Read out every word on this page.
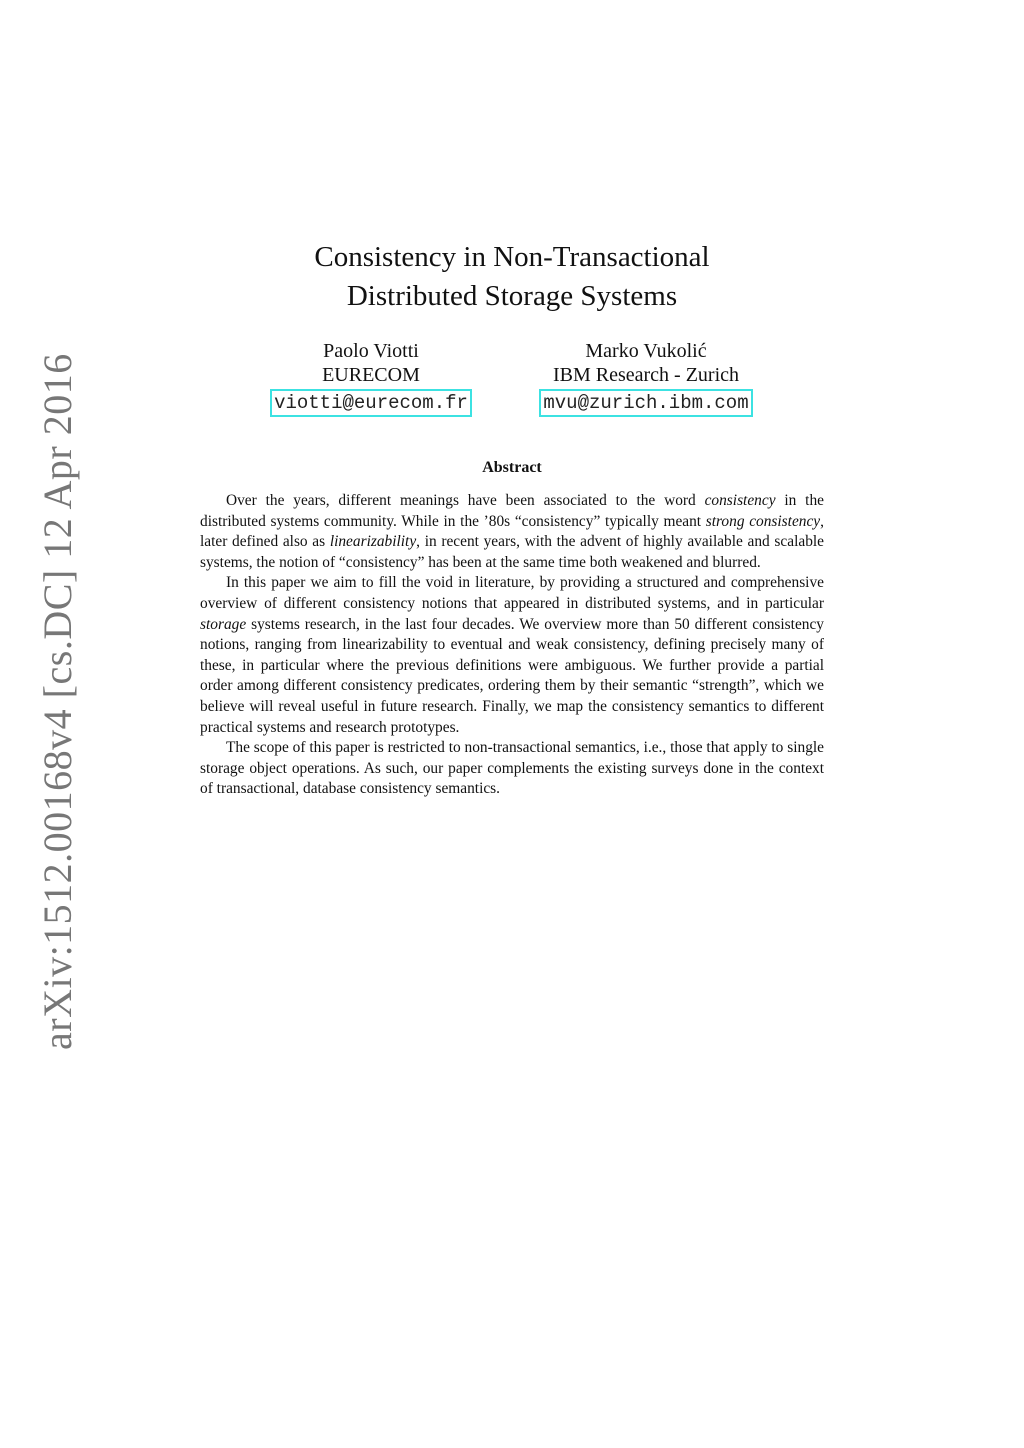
arXiv:1512.00168v4 [cs.DC] 12 Apr 2016
Consistency in Non-Transactional
Distributed Storage Systems
Paolo Viotti
EURECOM
viotti@eurecom.fr
Marko Vukolić
IBM Research - Zurich
mvu@zurich.ibm.com
Abstract

Over the years, different meanings have been associated to the word consistency in the distributed systems community. While in the ’80s “consistency” typically meant strong consistency, later defined also as linearizability, in recent years, with the advent of highly available and scalable systems, the notion of “consistency” has been at the same time both weakened and blurred.

In this paper we aim to fill the void in literature, by providing a structured and comprehensive overview of different consistency notions that appeared in distributed systems, and in particular storage systems research, in the last four decades. We overview more than 50 different consistency notions, ranging from linearizability to eventual and weak consistency, defining precisely many of these, in particular where the previous definitions were ambiguous. We further provide a partial order among different consistency predicates, ordering them by their semantic “strength”, which we believe will reveal useful in future research. Finally, we map the consistency semantics to different practical systems and research prototypes.

The scope of this paper is restricted to non-transactional semantics, i.e., those that apply to single storage object operations. As such, our paper complements the existing surveys done in the context of transactional, database consistency semantics.
